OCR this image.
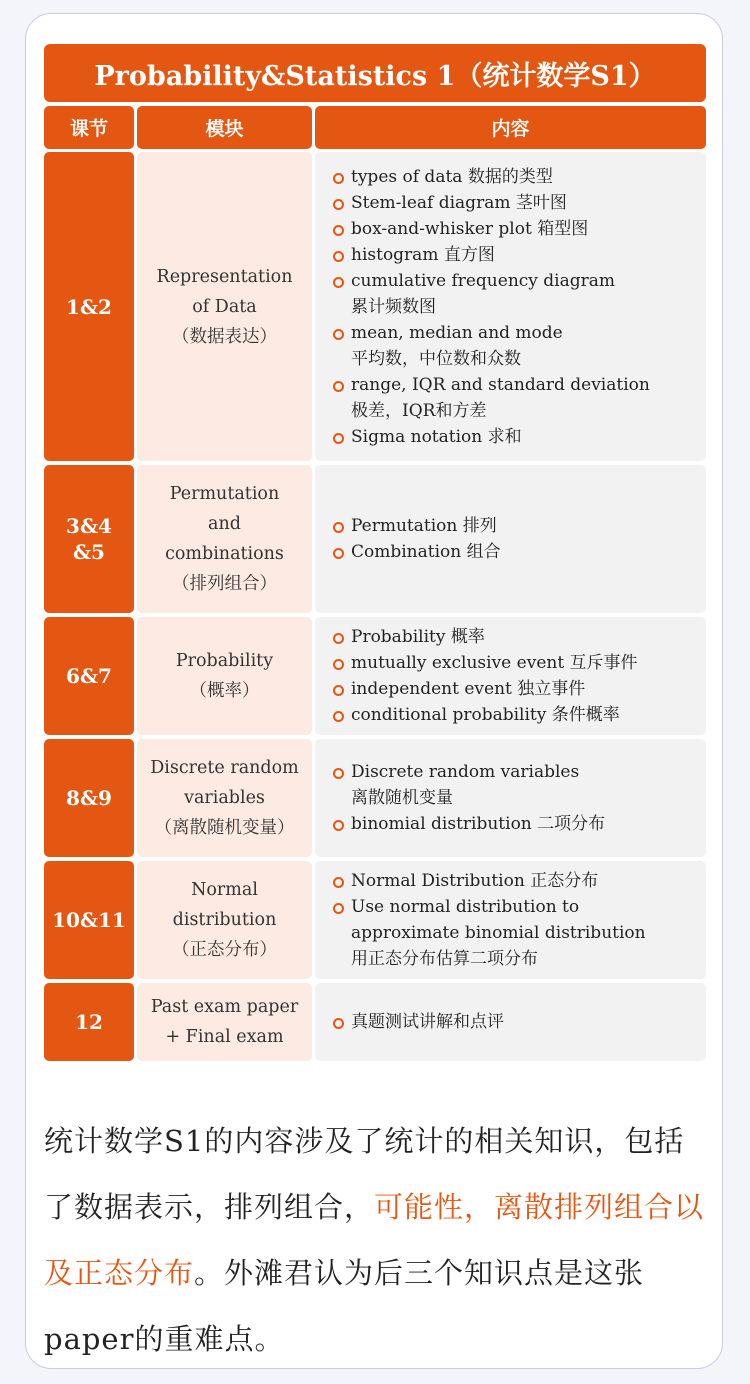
Probability&Statistics 1（统计数学S1）
课节	模块	内容
1&2
Representation
of Data
（数据表达）
types of data 数据的类型
Stem-leaf diagram 茎叶图
box-and-whisker plot 箱型图
histogram 直方图
cumulative frequency diagram
累计频数图
mean, median and mode
平均数，中位数和众数
range, IQR and standard deviation
极差，IQR和方差
Sigma notation 求和
3&4
&5
Permutation
and
combinations
（排列组合）
Permutation 排列
Combination 组合
6&7
Probability
（概率）
Probability 概率
mutually exclusive event 互斥事件
independent event 独立事件
conditional probability 条件概率
8&9
Discrete random
variables
（离散随机变量）
Discrete random variables
离散随机变量
binomial distribution 二项分布
10&11
Normal
distribution
（正态分布）
Normal Distribution 正态分布
Use normal distribution to
approximate binomial distribution
用正态分布估算二项分布
12
Past exam paper
+ Final exam
真题测试讲解和点评

统计数学S1的内容涉及了统计的相关知识，包括了数据表示，排列组合，可能性，离散排列组合以及正态分布。外滩君认为后三个知识点是这张paper的重难点。
